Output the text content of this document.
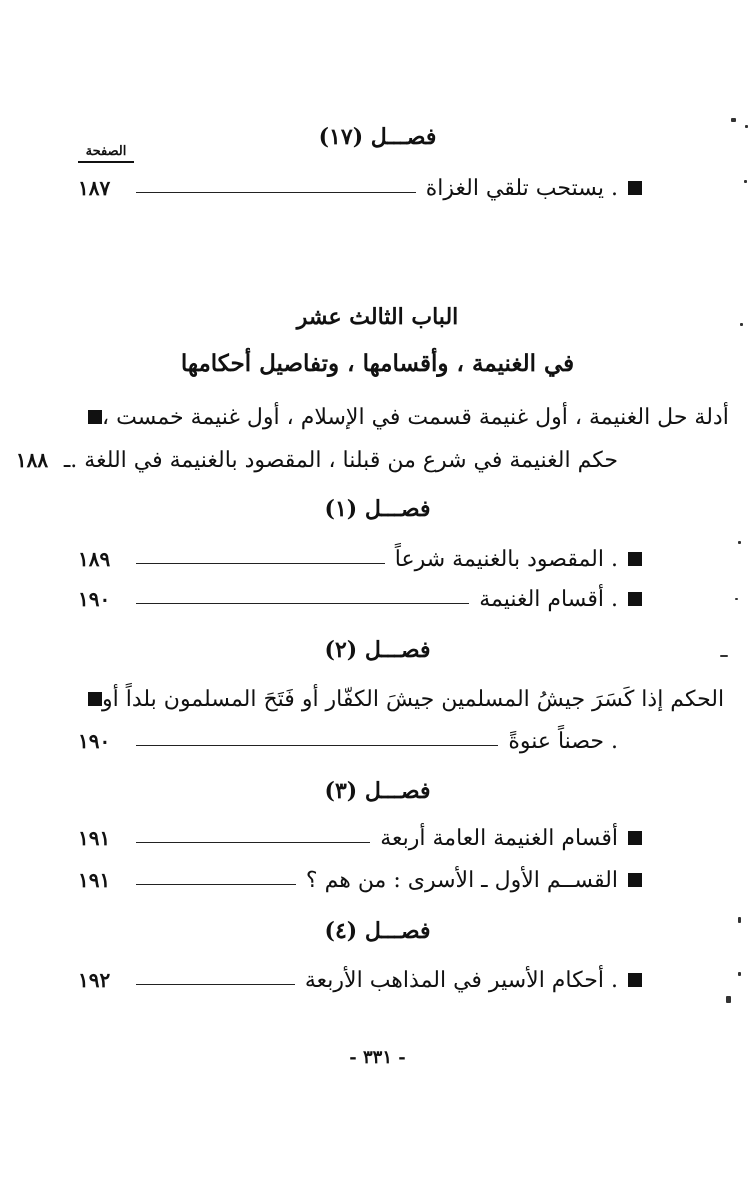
فصـــل (١٧)
الصفحة
يستحب تلقي الغزاة .
١٨٧
الباب الثالث عشر
في الغنيمة ، وأقسامها ، وتفاصيل أحكامها
أدلة حل الغنيمة ، أول غنيمة قسمت في الإسلام ، أول غنيمة خمست ،
حكم الغنيمة في شرع من قبلنا ، المقصود بالغنيمة في اللغة .ـ
١٨٨
فصـــل (١)
المقصود بالغنيمة شرعاً .
١٨٩
أقسام الغنيمة .
١٩٠
فصـــل (٢)
الحكم إذا كَسَرَ جيشُ المسلمين جيشَ الكفّار أو فَتَحَ المسلمون بلداً أو
حصناً عنوةً .
١٩٠
فصـــل (٣)
أقسام الغنيمة العامة أربعة
١٩١
القســم الأول ـ الأسرى : من هم ؟
١٩١
فصـــل (٤)
أحكام الأسير في المذاهب الأربعة .
١٩٢
- ٣٣١ -
